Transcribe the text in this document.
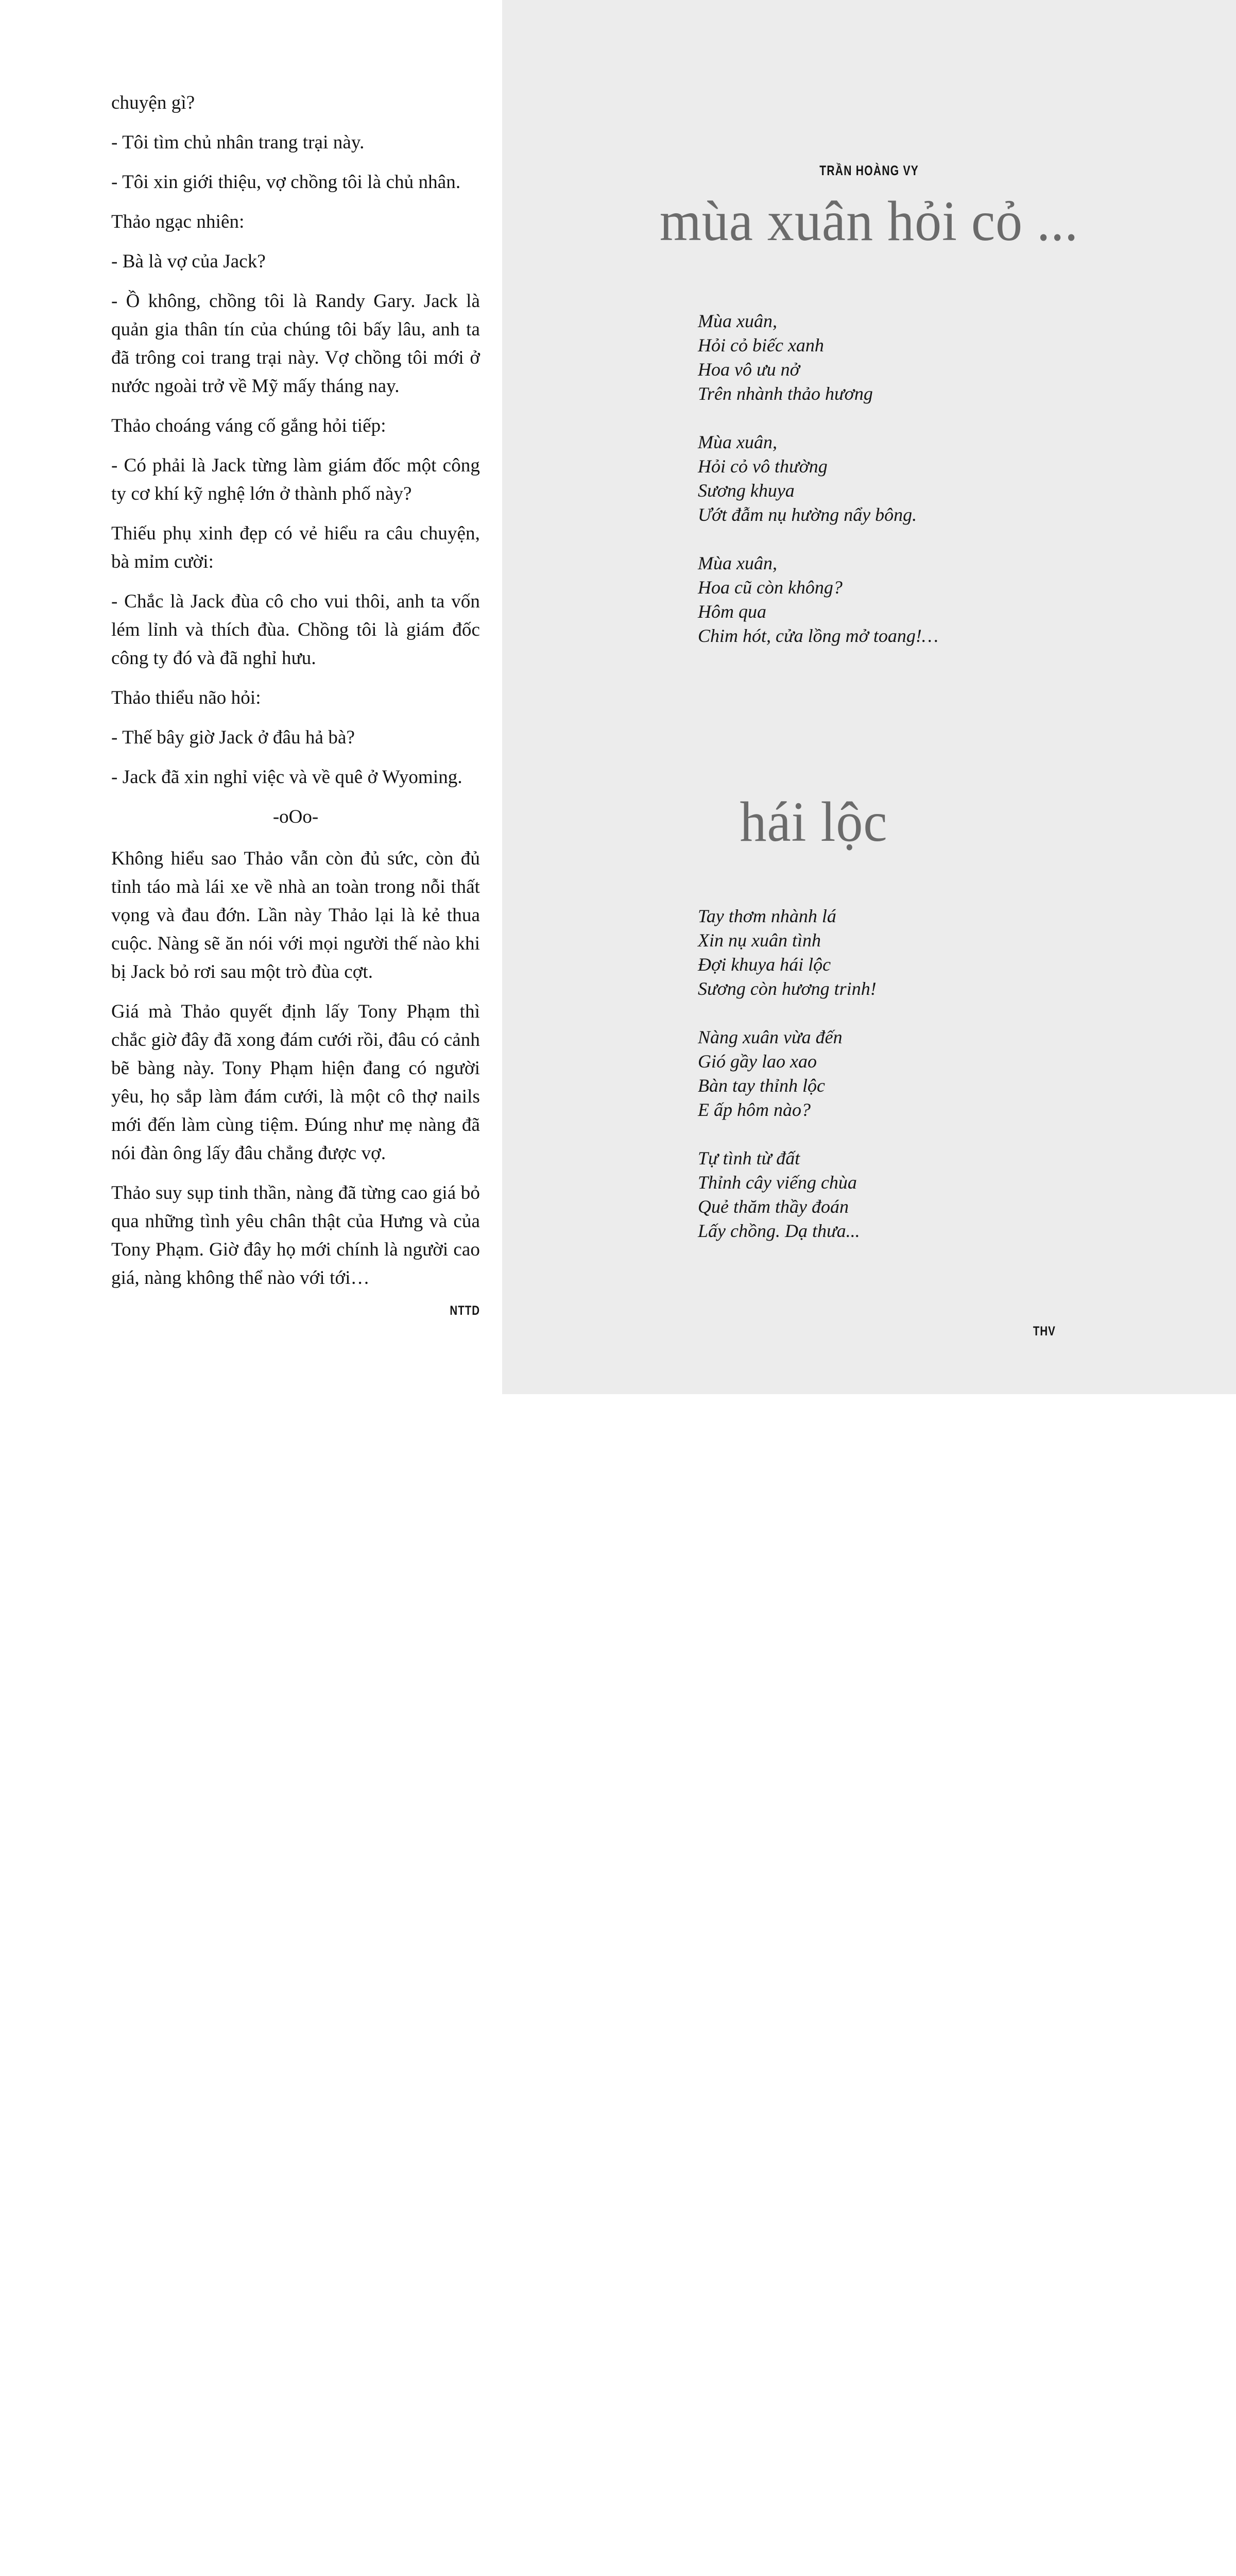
TRẦN HOÀNG VY
mùa xuân hỏi cỏ ...
Mùa xuân,
Hỏi cỏ biếc xanh
Hoa vô ưu nở
Trên nhành thảo hương
Mùa xuân,
Hỏi cỏ vô thường
Sương khuya
Ướt đẫm nụ hường nẩy bông.
Mùa xuân,
Hoa cũ còn không?
Hôm qua
Chim hót, cửa lồng mở toang!…
hái lộc
Tay thơm nhành lá
Xin nụ xuân tình
Đợi khuya hái lộc
Sương còn hương trinh!
Nàng xuân vừa đến
Gió gầy lao xao
Bàn tay thỉnh lộc
E ấp hôm nào?
Tự tình từ đất
Thỉnh cây viếng chùa
Quẻ thăm thầy đoán
Lấy chồng. Dạ thưa...
THV

chuyện gì?

- Tôi tìm chủ nhân trang trại này.

- Tôi xin giới thiệu, vợ chồng tôi là chủ nhân.

Thảo ngạc nhiên:

- Bà là vợ của Jack?

- Ồ không, chồng tôi là Randy Gary. Jack là quản gia thân tín của chúng tôi bấy lâu, anh ta đã trông coi trang trại này. Vợ chồng tôi mới ở nước ngoài trở về Mỹ mấy tháng nay.

Thảo choáng váng cố gắng hỏi tiếp:

- Có phải là Jack từng làm giám đốc một công ty cơ khí kỹ nghệ lớn ở thành phố này?

Thiếu phụ xinh đẹp có vẻ hiểu ra câu chuyện, bà mỉm cười:

- Chắc là Jack đùa cô cho vui thôi, anh ta vốn lém lỉnh và thích đùa. Chồng tôi là giám đốc công ty đó và đã nghỉ hưu.

Thảo thiểu não hỏi:

- Thế bây giờ Jack ở đâu hả bà?

- Jack đã xin nghỉ việc và về quê ở Wyoming.

-oOo-

Không hiểu sao Thảo vẫn còn đủ sức, còn đủ tỉnh táo mà lái xe về nhà an toàn trong nỗi thất vọng và đau đớn. Lần này Thảo lại là kẻ thua cuộc. Nàng sẽ ăn nói với mọi người thế nào khi bị Jack bỏ rơi sau một trò đùa cợt.

Giá mà Thảo quyết định lấy Tony Phạm thì chắc giờ đây đã xong đám cưới rồi, đâu có cảnh bẽ bàng này. Tony Phạm hiện đang có người yêu, họ sắp làm đám cưới, là một cô thợ nails mới đến làm cùng tiệm. Đúng như mẹ nàng đã nói đàn ông lấy đâu chẳng được vợ.

Thảo suy sụp tinh thần, nàng đã từng cao giá bỏ qua những tình yêu chân thật của Hưng và của Tony Phạm. Giờ đây họ mới chính là người cao giá, nàng không thể nào với tới…

NTTD
